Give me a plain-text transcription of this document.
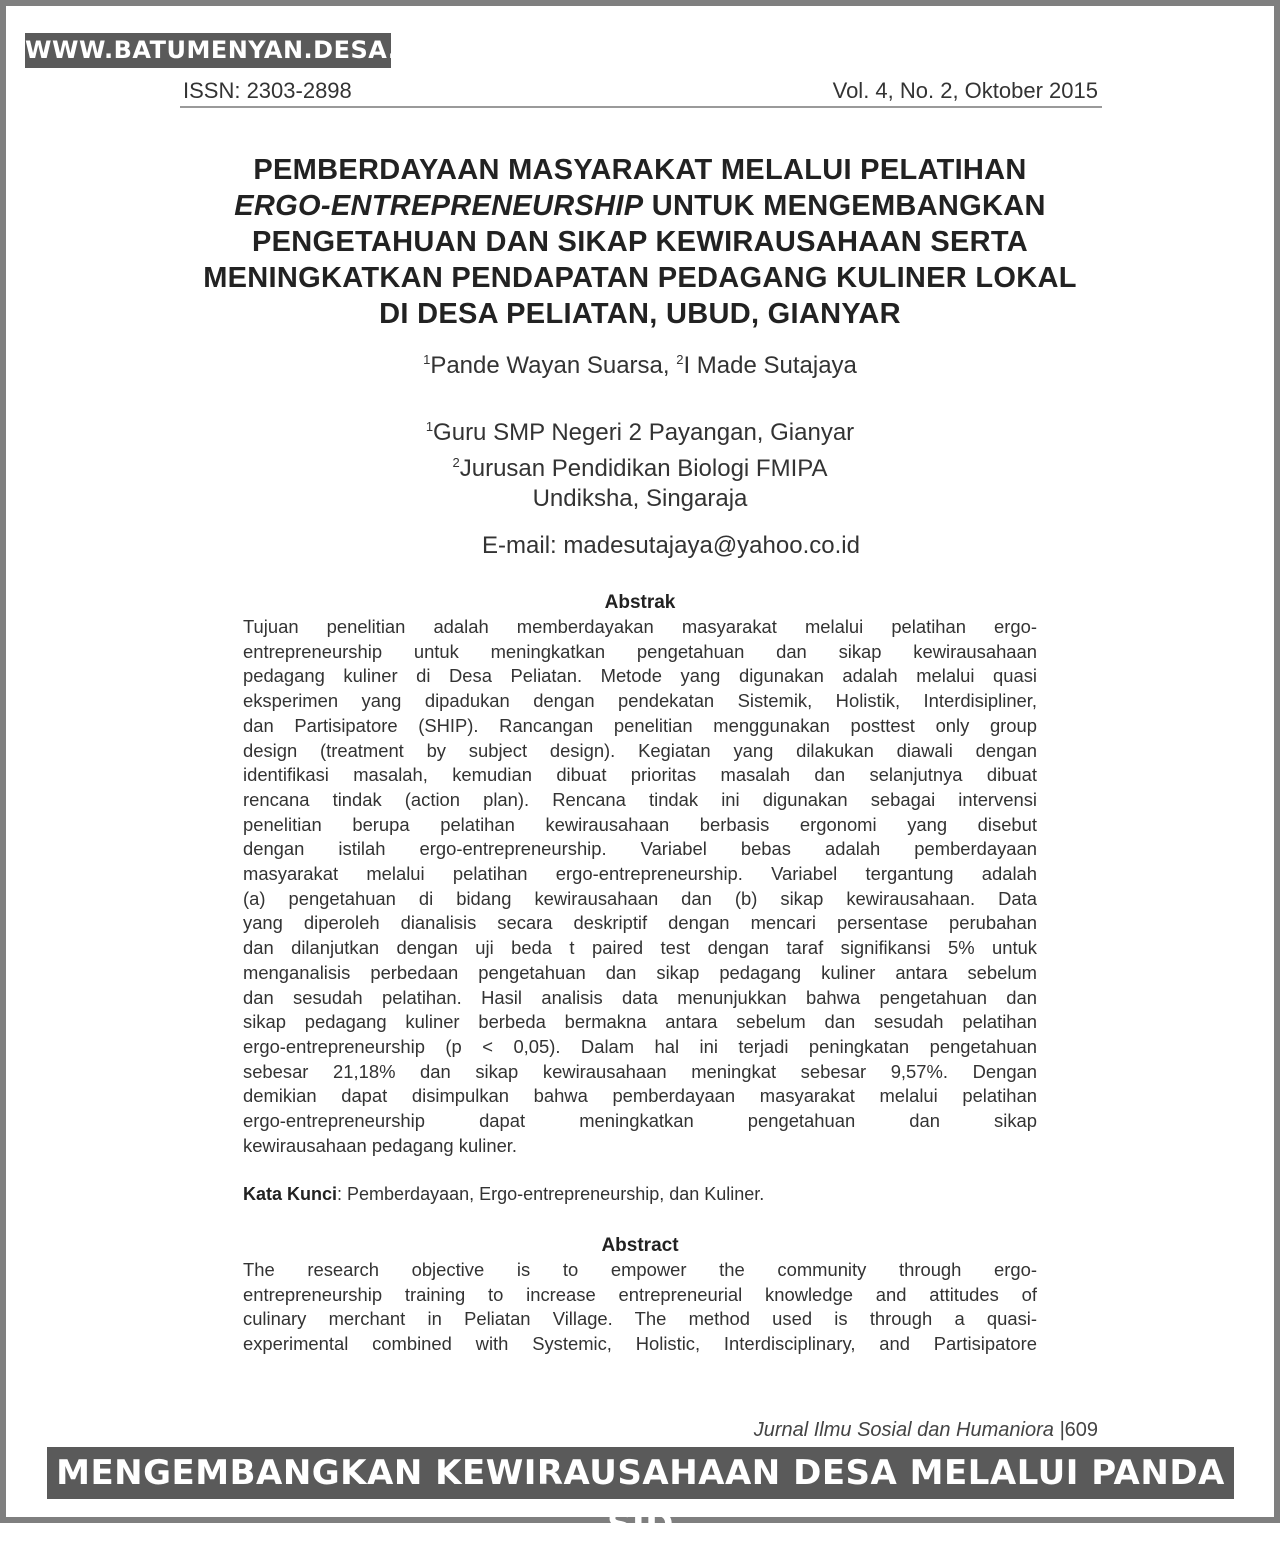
WWW.BATUMENYAN.DESA.ID
ISSN: 2303-2898	Vol. 4, No. 2, Oktober 2015
PEMBERDAYAAN MASYARAKAT MELALUI PELATIHAN
ERGO-ENTREPRENEURSHIP UNTUK MENGEMBANGKAN
PENGETAHUAN DAN SIKAP KEWIRAUSAHAAN SERTA
MENINGKATKAN PENDAPATAN PEDAGANG KULINER LOKAL
DI DESA PELIATAN, UBUD, GIANYAR
$^1$Pande Wayan Suarsa, $^2$I Made Sutajaya
$^1$Guru SMP Negeri 2 Payangan, Gianyar
$^2$Jurusan Pendidikan Biologi FMIPA
Undiksha, Singaraja
E-mail: madesutajaya@yahoo.co.id
Abstrak
Tujuan penelitian adalah memberdayakan masyarakat melalui pelatihan ergo-
entrepreneurship untuk meningkatkan pengetahuan dan sikap kewirausahaan
pedagang kuliner di Desa Peliatan. Metode yang digunakan adalah melalui quasi
eksperimen yang dipadukan dengan pendekatan Sistemik, Holistik, Interdisipliner,
dan Partisipatore (SHIP). Rancangan penelitian menggunakan posttest only group
design (treatment by subject design). Kegiatan yang dilakukan diawali dengan
identifikasi masalah, kemudian dibuat prioritas masalah dan selanjutnya dibuat
rencana tindak (action plan). Rencana tindak ini digunakan sebagai intervensi
penelitian berupa pelatihan kewirausahaan berbasis ergonomi yang disebut
dengan istilah ergo-entrepreneurship. Variabel bebas adalah pemberdayaan
masyarakat melalui pelatihan ergo-entrepreneurship. Variabel tergantung adalah
(a) pengetahuan di bidang kewirausahaan dan (b) sikap kewirausahaan. Data
yang diperoleh dianalisis secara deskriptif dengan mencari persentase perubahan
dan dilanjutkan dengan uji beda t paired test dengan taraf signifikansi 5% untuk
menganalisis perbedaan pengetahuan dan sikap pedagang kuliner antara sebelum
dan sesudah pelatihan. Hasil analisis data menunjukkan bahwa pengetahuan dan
sikap pedagang kuliner berbeda bermakna antara sebelum dan sesudah pelatihan
ergo-entrepreneurship (p < 0,05). Dalam hal ini terjadi peningkatan pengetahuan
sebesar 21,18% dan sikap kewirausahaan meningkat sebesar 9,57%. Dengan
demikian dapat disimpulkan bahwa pemberdayaan masyarakat melalui pelatihan
ergo-entrepreneurship dapat meningkatkan pengetahuan dan sikap
kewirausahaan pedagang kuliner.
Kata Kunci: Pemberdayaan, Ergo-entrepreneurship, dan Kuliner.
Abstract
The research objective is to empower the community through ergo-
entrepreneurship training to increase entrepreneurial knowledge and attitudes of
culinary merchant in Peliatan Village. The method used is through a quasi-
experimental combined with Systemic, Holistic, Interdisciplinary, and Partisipatore
Jurnal Ilmu Sosial dan Humaniora |609
MENGEMBANGKAN KEWIRAUSAHAAN DESA MELALUI PANDA SID
